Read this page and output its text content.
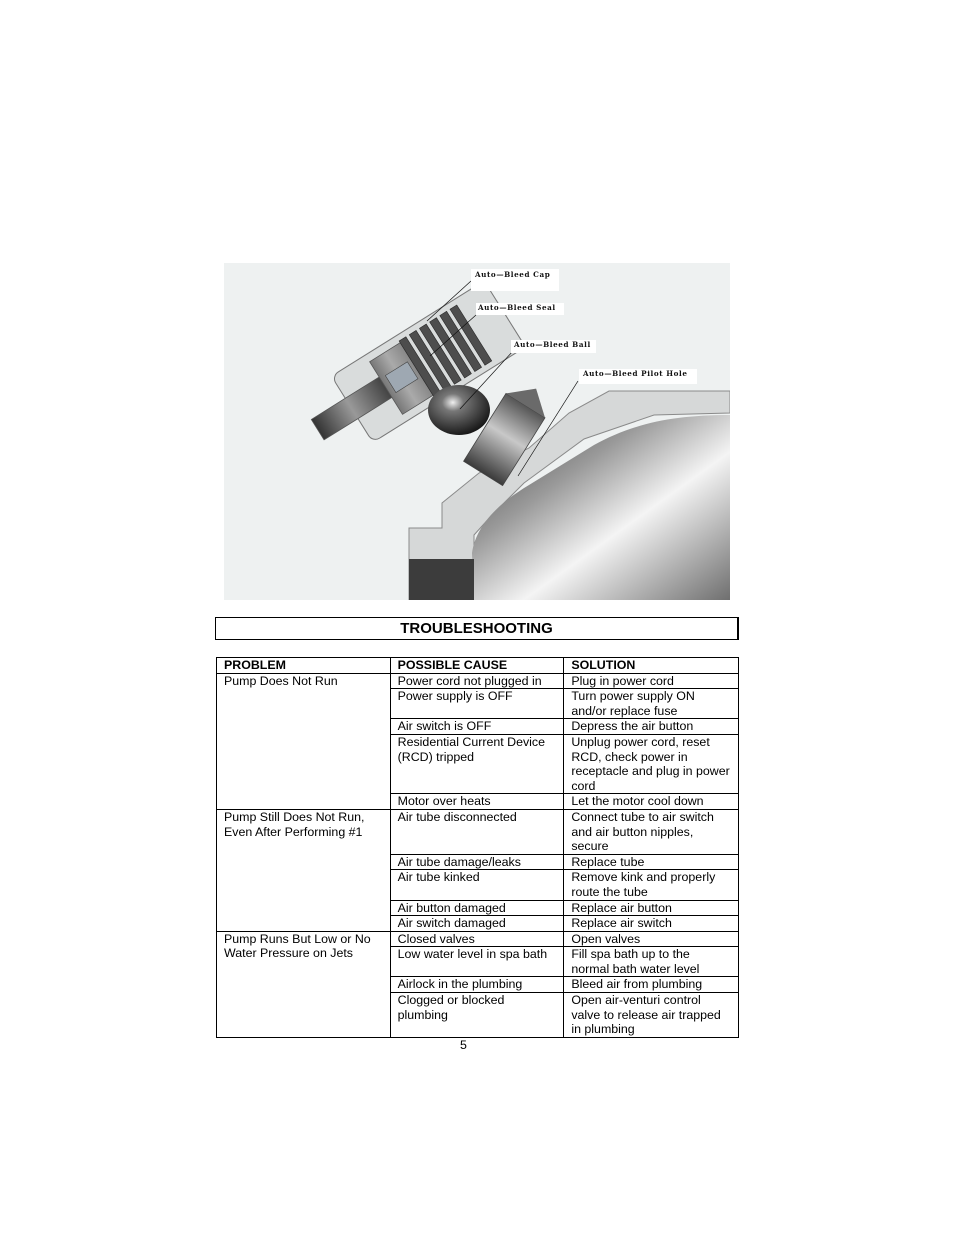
Auto—Bleed Cap
Auto—Bleed Seal
Auto—Bleed Ball
Auto—Bleed Pilot Hole
TROUBLESHOOTING
PROBLEM	POSSIBLE CAUSE	SOLUTION
Pump Does Not Run	Power cord not plugged in	Plug in power cord
	Power supply is OFF	Turn power supply ON and/or replace fuse
	Air switch is OFF	Depress the air button
	Residential Current Device (RCD) tripped	Unplug power cord, reset RCD, check power in receptacle and plug in power cord
	Motor over heats	Let the motor cool down
Pump Still Does Not Run, Even After Performing #1	Air tube disconnected	Connect tube to air switch and air button nipples, secure
	Air tube damage/leaks	Replace tube
	Air tube kinked	Remove kink and properly route the tube
	Air button damaged	Replace air button
	Air switch damaged	Replace air switch
Pump Runs But Low or No Water Pressure on Jets	Closed valves	Open valves
	Low water level in spa bath	Fill spa bath up to the normal bath water level
	Airlock in the plumbing	Bleed air from plumbing
	Clogged or blocked plumbing	Open air-venturi control valve to release air trapped in plumbing
5
